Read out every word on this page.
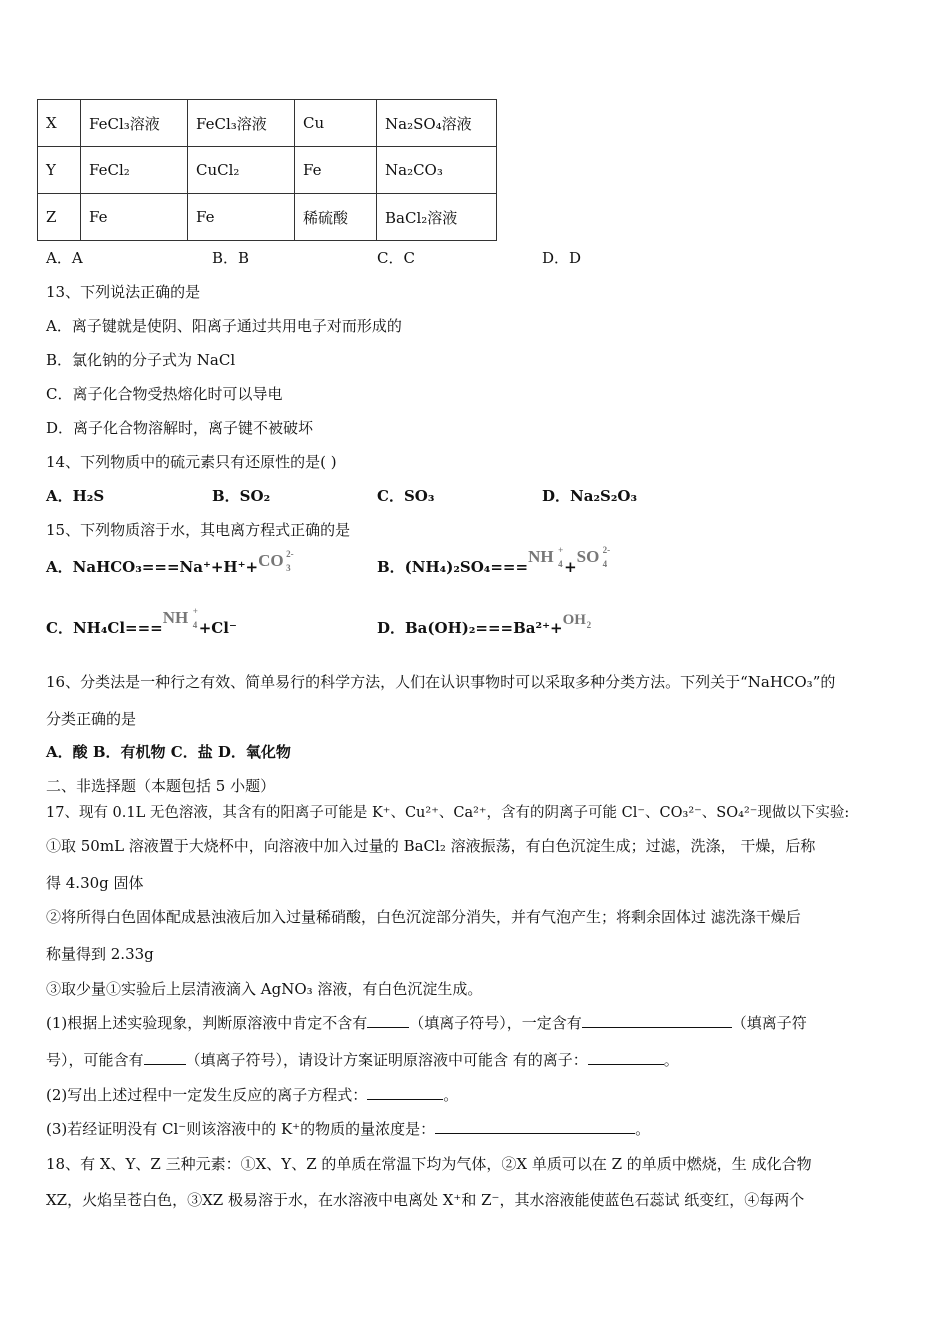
X	FeCl₃溶液	FeCl₃溶液	Cu	Na₂SO₄溶液
Y	FeCl₂	CuCl₂	Fe	Na₂CO₃
Z	Fe	Fe	稀硫酸	BaCl₂溶液
A．A	B．B	C．C	D．D
13、下列说法正确的是
A．离子键就是使阴、阳离子通过共用电子对而形成的
B．氯化钠的分子式为 NaCl
C．离子化合物受热熔化时可以导电
D．离子化合物溶解时，离子键不被破坏
14、下列物质中的硫元素只有还原性的是( )
A．H₂S	B．SO₂	C．SO₃	D．Na₂S₂O₃
15、下列物质溶于水，其电离方程式正确的是
A．NaHCO₃===Na⁺+H⁺+ CO 2-
3	B．(NH₄)₂SO₄===
NH +
4 +
SO 2-
4
C．NH₄Cl===
NH +
4 +Cl⁻	D．Ba(OH)₂===Ba²⁺+ OH 2
16、分类法是一种行之有效、简单易行的科学方法，人们在认识事物时可以采取多种分类方法。下列关于“NaHCO₃”的
分类正确的是
A．酸 B．有机物 C．盐 D．氧化物
二、非选择题（本题包括 5 小题）
17、现有 0.1L 无色溶液，其含有的阳离子可能是 K⁺、Cu²⁺、Ca²⁺，含有的阴离子可能 Cl⁻、CO₃²⁻、SO₄²⁻现做以下实验:
①取 50mL 溶液置于大烧杯中，向溶液中加入过量的 BaCl₂ 溶液振荡，有白色沉淀生成；过滤，洗涤， 干燥，后称
得 4.30g 固体
②将所得白色固体配成悬浊液后加入过量稀硝酸，白色沉淀部分消失，并有气泡产生；将剩余固体过 滤洗涤干燥后
称量得到 2.33g
③取少量①实验后上层清液滴入 AgNO₃ 溶液，有白色沉淀生成。
(1)根据上述实验现象，判断原溶液中肯定不含有	（填离子符号），一定含有	（填离子符
号），可能含有	（填离子符号），请设计方案证明原溶液中可能含 有的离子：	。
(2)写出上述过程中一定发生反应的离子方程式：	。
(3)若经证明没有 Cl⁻则该溶液中的 K⁺的物质的量浓度是：	。
18、有 X、Y、Z 三种元素：①X、Y、Z 的单质在常温下均为气体，②X 单质可以在 Z 的单质中燃烧，生 成化合物
XZ，火焰呈苍白色，③XZ 极易溶于水，在水溶液中电离处 X⁺和 Z⁻，其水溶液能使蓝色石蕊试 纸变红，④每两个
